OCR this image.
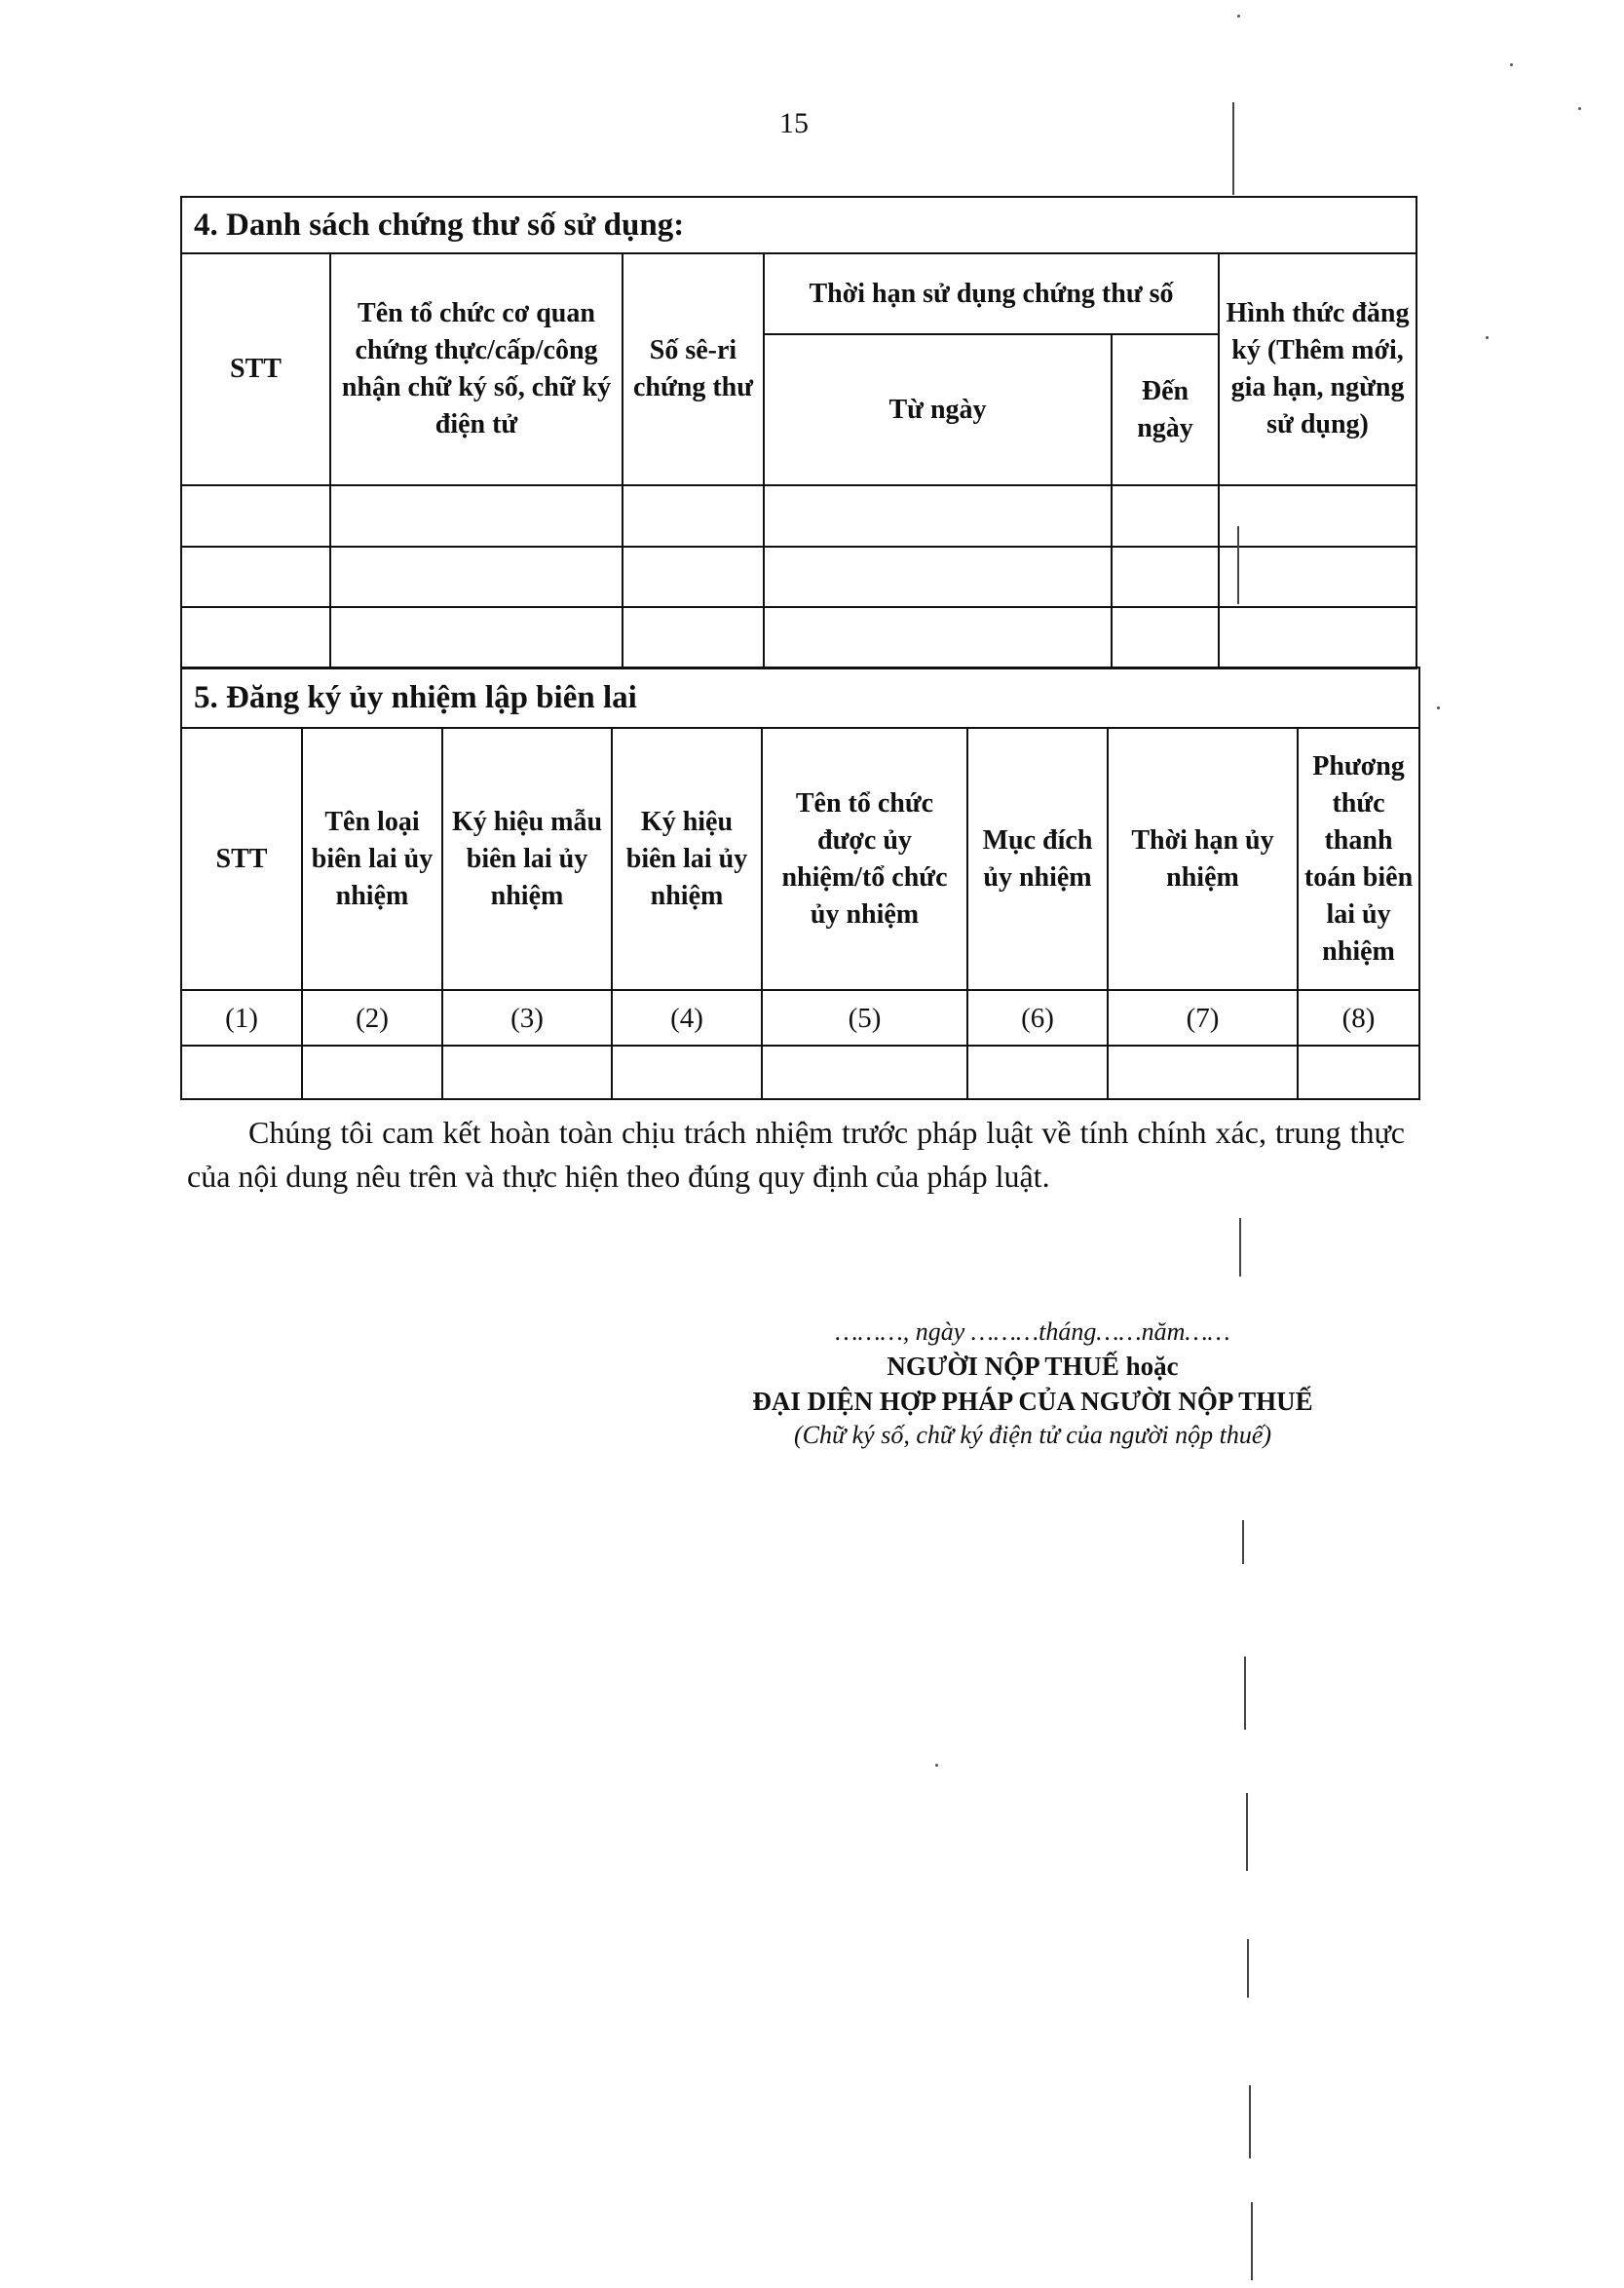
15
4. Danh sách chứng thư số sử dụng:					
STT	Tên tổ chức cơ quan chứng thực/cấp/công nhận chữ ký số, chữ ký điện tử	Số sê-ri chứng thư	Thời hạn sử dụng chứng thư số		Hình thức đăng ký (Thêm mới, gia hạn, ngừng sử dụng)
			Từ ngày	Đến ngày	

5. Đăng ký ủy nhiệm lập biên lai							
STT	Tên loại biên lai ủy nhiệm	Ký hiệu mẫu biên lai ủy nhiệm	Ký hiệu biên lai ủy nhiệm	Tên tổ chức được ủy nhiệm/tổ chức ủy nhiệm	Mục đích ủy nhiệm	Thời hạn ủy nhiệm	Phương thức thanh toán biên lai ủy nhiệm
(1)	(2)	(3)	(4)	(5)	(6)	(7)	(8)

Chúng tôi cam kết hoàn toàn chịu trách nhiệm trước pháp luật về tính chính xác, trung thực của nội dung nêu trên và thực hiện theo đúng quy định của pháp luật.
………, ngày ………tháng……năm……
NGƯỜI NỘP THUẾ hoặc
ĐẠI DIỆN HỢP PHÁP CỦA NGƯỜI NỘP THUẾ
(Chữ ký số, chữ ký điện tử của người nộp thuế)
